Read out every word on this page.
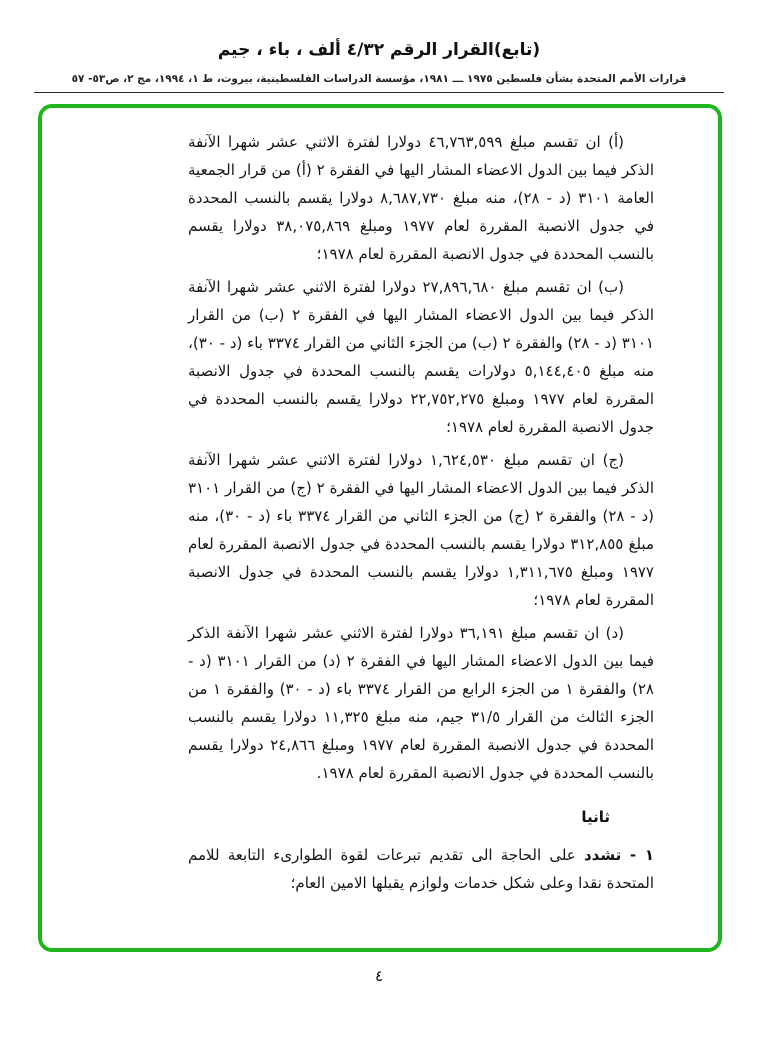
(تابع)القرار الرقم ٤/٣٢ ألف ، باء ، جيم
قرارات الأمم المتحدة بشأن فلسطين ١٩٧٥ ـــ ١٩٨١، مؤسسة الدراسات الفلسطينية، بيروت، ط ١، ١٩٩٤، مج ٢، ص٥٣- ٥٧

(أ) ان تقسم مبلغ ٤٦,٧٦٣,٥٩٩ دولارا لفترة الاثني عشر شهرا الآنفة الذكر فيما بين الدول الاعضاء المشار اليها في الفقرة ٢ (أ) من قرار الجمعية العامة ٣١٠١ (د - ٢٨)، منه مبلغ ٨,٦٨٧,٧٣٠ دولارا يقسم بالنسب المحددة في جدول الانصبة المقررة لعام ١٩٧٧ ومبلغ ٣٨,٠٧٥,٨٦٩ دولارا يقسم بالنسب المحددة في جدول الانصبة المقررة لعام ١٩٧٨؛

(ب) ان تقسم مبلغ ٢٧,٨٩٦,٦٨٠ دولارا لفترة الاثني عشر شهرا الآنفة الذكر فيما بين الدول الاعضاء المشار اليها في الفقرة ٢ (ب) من القرار ٣١٠١ (د - ٢٨) والفقرة ٢ (ب) من الجزء الثاني من القرار ٣٣٧٤ باء (د - ٣٠)، منه مبلغ ٥,١٤٤,٤٠٥ دولارات يقسم بالنسب المحددة في جدول الانصبة المقررة لعام ١٩٧٧ ومبلغ ٢٢,٧٥٢,٢٧٥ دولارا يقسم بالنسب المحددة في جدول الانصبة المقررة لعام ١٩٧٨؛

(ج) ان تقسم مبلغ ١,٦٢٤,٥٣٠ دولارا لفترة الاثني عشر شهرا الآنفة الذكر فيما بين الدول الاعضاء المشار اليها في الفقرة ٢ (ج) من القرار ٣١٠١ (د - ٢٨) والفقرة ٢ (ج) من الجزء الثاني من القرار ٣٣٧٤ باء (د - ٣٠)، منه مبلغ ٣١٢,٨٥٥ دولارا يقسم بالنسب المحددة في جدول الانصبة المقررة لعام ١٩٧٧ ومبلغ ١,٣١١,٦٧٥ دولارا يقسم بالنسب المحددة في جدول الانصبة المقررة لعام ١٩٧٨؛

(د) ان تقسم مبلغ ٣٦,١٩١ دولارا لفترة الاثني عشر شهرا الآنفة الذكر فيما بين الدول الاعضاء المشار اليها في الفقرة ٢ (د) من القرار ٣١٠١ (د - ٢٨) والفقرة ١ من الجزء الرابع من القرار ٣٣٧٤ باء (د - ٣٠) والفقرة ١ من الجزء الثالث من القرار ٣١/٥ جيم، منه مبلغ ١١,٣٢٥ دولارا يقسم بالنسب المحددة في جدول الانصبة المقررة لعام ١٩٧٧ ومبلغ ٢٤,٨٦٦ دولارا يقسم بالنسب المحددة في جدول الانصبة المقررة لعام ١٩٧٨.

ثانيا

١ - تشدد على الحاجة الى تقديم تبرعات لقوة الطوارىء التابعة للامم المتحدة نقدا وعلى شكل خدمات ولوازم يقبلها الامين العام؛

٤
